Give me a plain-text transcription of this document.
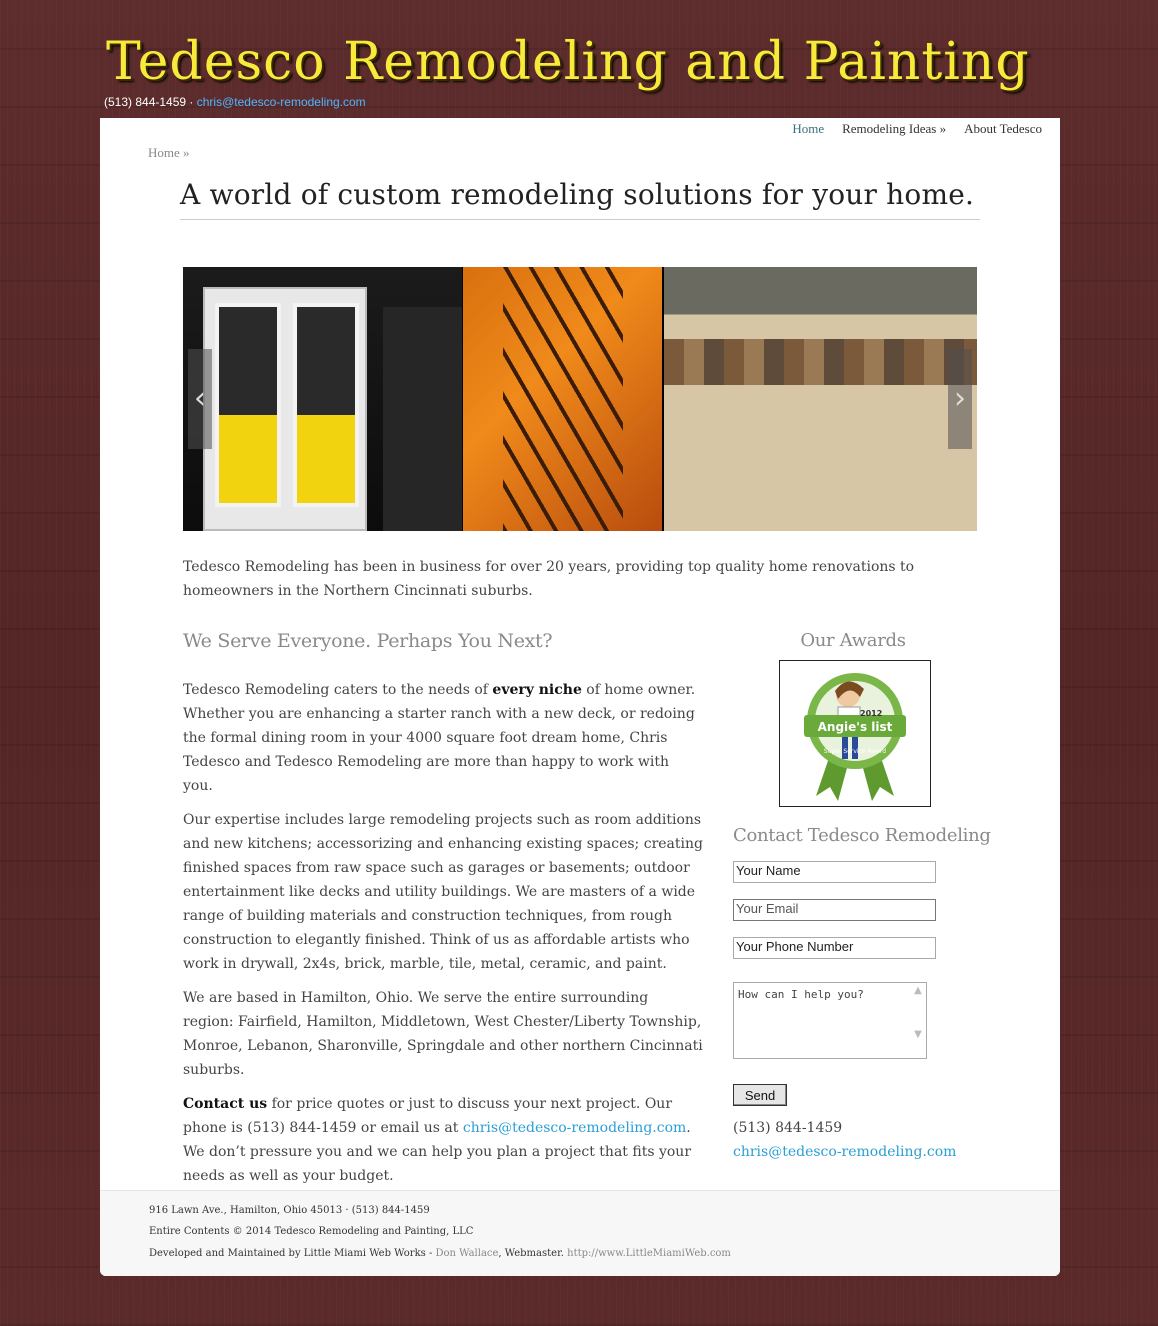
Tedesco Remodeling and Painting
(513) 844-1459 · chris@tedesco-remodeling.com
Home Remodeling Ideas » About Tedesco
Home »
A world of custom remodeling solutions for your home.
‹	›

Tedesco Remodeling has been in business for over 20 years, providing top quality home renovations to homeowners in the Northern Cincinnati suburbs.

We Serve Everyone. Perhaps You Next?

Tedesco Remodeling caters to the needs of every niche of home owner. Whether you are enhancing a starter ranch with a new deck, or redoing the formal dining room in your 4000 square foot dream home, Chris Tedesco and Tedesco Remodeling are more than happy to work with you.

Our expertise includes large remodeling projects such as room additions and new kitchens; accessorizing and enhancing existing spaces; creating finished spaces from raw space such as garages or basements; outdoor entertainment like decks and utility buildings. We are masters of a wide range of building materials and construction techniques, from rough construction to elegantly finished. Think of us as affordable artists who work in drywall, 2x4s, brick, marble, tile, metal, ceramic, and paint.

We are based in Hamilton, Ohio. We serve the entire surrounding region: Fairfield, Hamilton, Middletown, West Chester/Liberty Township, Monroe, Lebanon, Sharonville, Springdale and other northern Cincinnati suburbs.

Contact us for price quotes or just to discuss your next project. Our phone is (513) 844-1459 or email us at chris@tedesco-remodeling.com. We don’t pressure you and we can help you plan a project that fits your needs as well as your budget.

Our Awards
2012
Angie's list
Super Service Award
Contact Tedesco Remodeling
Your Name
Your Email
Your Phone Number
How can I help you?	▲

▼
Send
(513) 844-1459
chris@tedesco-remodeling.com
916 Lawn Ave., Hamilton, Ohio 45013 · (513) 844-1459
Entire Contents © 2014 Tedesco Remodeling and Painting, LLC
Developed and Maintained by Little Miami Web Works - Don Wallace, Webmaster. http://www.LittleMiamiWeb.com
